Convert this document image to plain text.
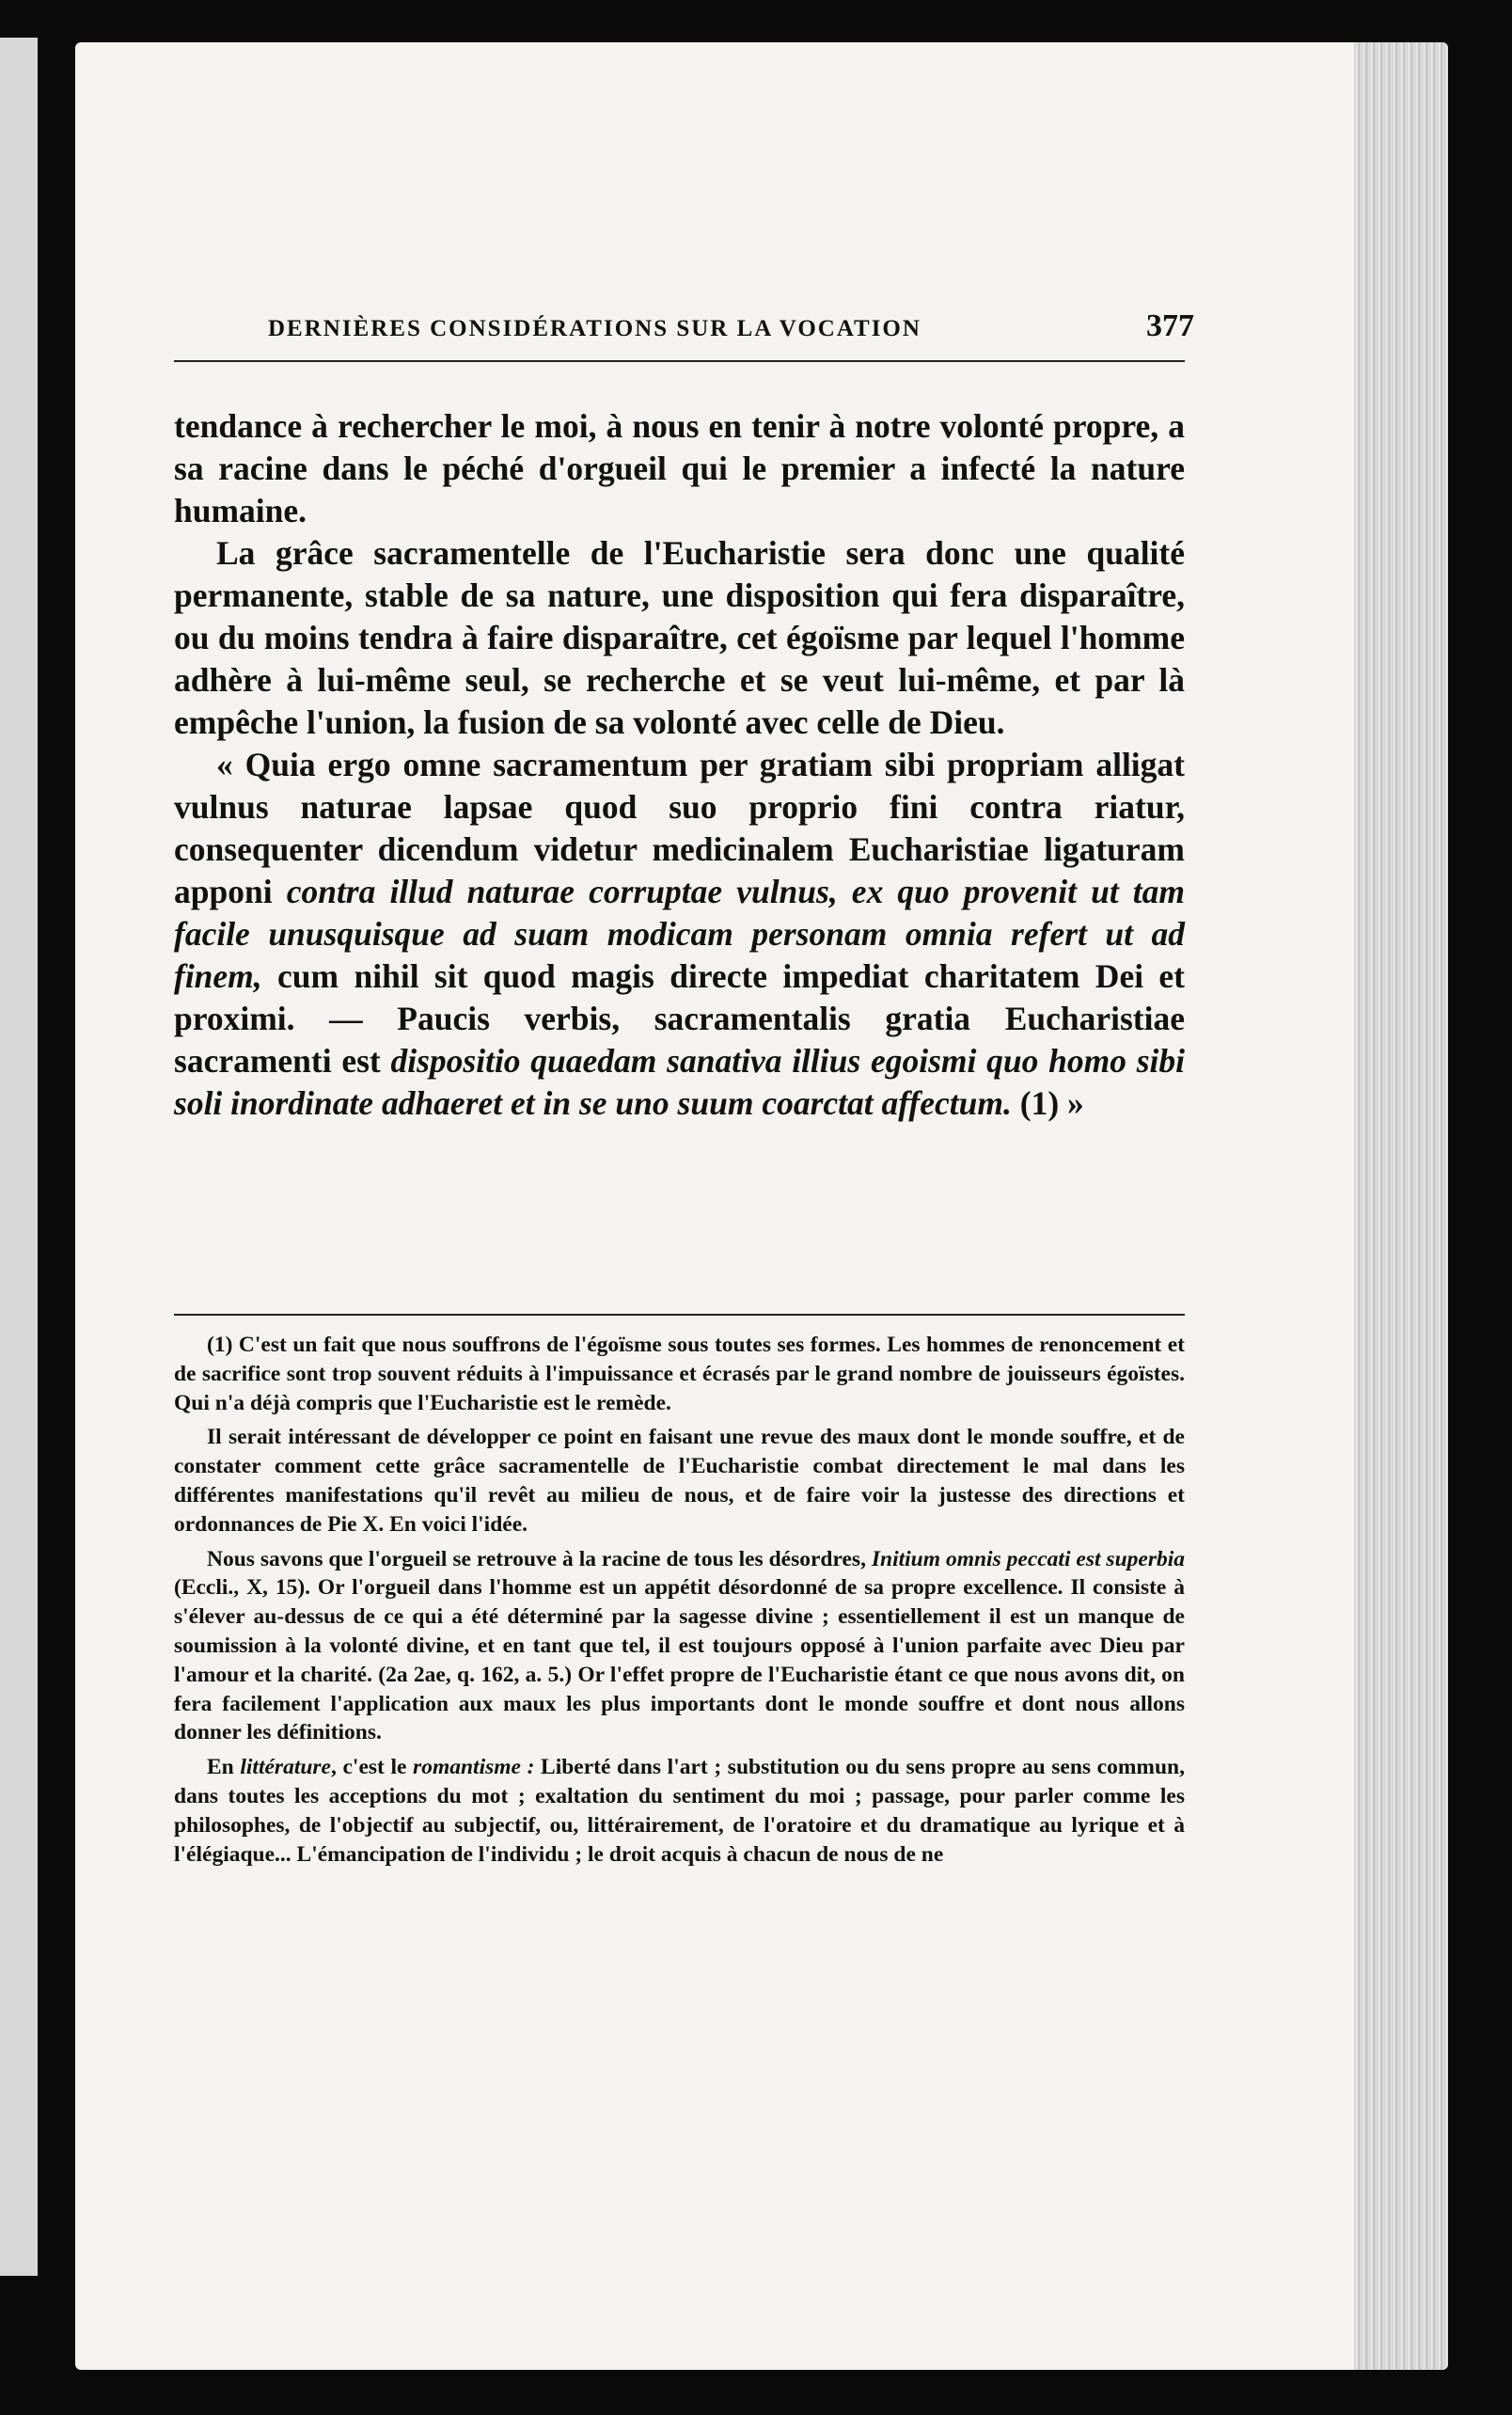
DERNIÈRES CONSIDÉRATIONS SUR LA VOCATION	377

tendance à rechercher le moi, à nous en tenir à notre volonté propre, a sa racine dans le péché d'orgueil qui le premier a infecté la nature humaine.

La grâce sacramentelle de l'Eucharistie sera donc une qualité permanente, stable de sa nature, une disposition qui fera disparaître, ou du moins tendra à faire disparaître, cet égoïsme par lequel l'homme adhère à lui-même seul, se recherche et se veut lui-même, et par là empêche l'union, la fusion de sa volonté avec celle de Dieu.

« Quia ergo omne sacramentum per gratiam sibi propriam alligat vulnus naturae lapsae quod suo proprio fini contra riatur, consequenter dicendum videtur medicinalem Eucharistiae ligaturam apponi contra illud naturae corruptae vulnus, ex quo provenit ut tam facile unusquisque ad suam modicam personam omnia refert ut ad finem, cum nihil sit quod magis directe impediat charitatem Dei et proximi. — Paucis verbis, sacramentalis gratia Eucharistiae sacramenti est dispositio quaedam sanativa illius egoismi quo homo sibi soli inordinate adhaeret et in se uno suum coarctat affectum. (1) »

(1) C'est un fait que nous souffrons de l'égoïsme sous toutes ses formes. Les hommes de renoncement et de sacrifice sont trop souvent réduits à l'impuissance et écrasés par le grand nombre de jouisseurs égoïstes. Qui n'a déjà compris que l'Eucharistie est le remède.

Il serait intéressant de développer ce point en faisant une revue des maux dont le monde souffre, et de constater comment cette grâce sacramentelle de l'Eucharistie combat directement le mal dans les différentes manifestations qu'il revêt au milieu de nous, et de faire voir la justesse des directions et ordonnances de Pie X. En voici l'idée.

Nous savons que l'orgueil se retrouve à la racine de tous les désordres, Initium omnis peccati est superbia (Eccli., X, 15). Or l'orgueil dans l'homme est un appétit désordonné de sa propre excellence. Il consiste à s'élever au-dessus de ce qui a été déterminé par la sagesse divine ; essentiellement il est un manque de soumission à la volonté divine, et en tant que tel, il est toujours opposé à l'union parfaite avec Dieu par l'amour et la charité. (2a 2ae, q. 162, a. 5.) Or l'effet propre de l'Eucharistie étant ce que nous avons dit, on fera facilement l'application aux maux les plus importants dont le monde souffre et dont nous allons donner les définitions.

En littérature, c'est le romantisme : Liberté dans l'art ; substitution ou du sens propre au sens commun, dans toutes les acceptions du mot ; exaltation du sentiment du moi ; passage, pour parler comme les philosophes, de l'objectif au subjectif, ou, littérairement, de l'oratoire et du dramatique au lyrique et à l'élégiaque... L'émancipation de l'individu ; le droit acquis à chacun de nous de ne
